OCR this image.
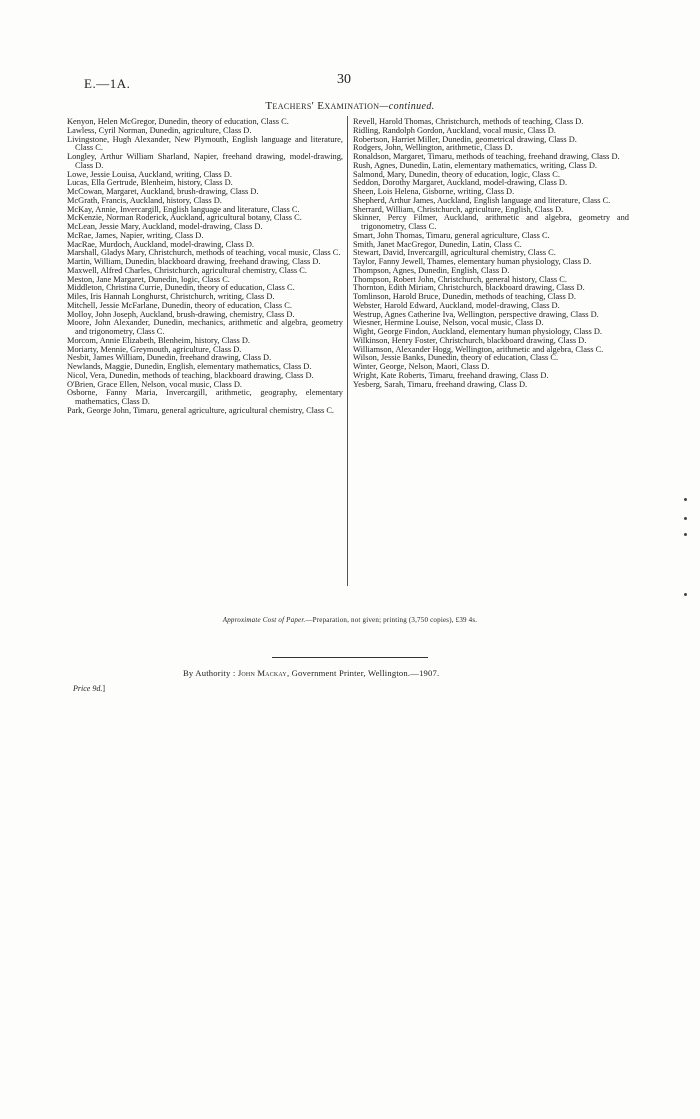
E.—1A.	30
Teachers' Examination—continued.

Kenyon, Helen McGregor, Dunedin, theory of education, Class C.

Lawless, Cyril Norman, Dunedin, agriculture, Class D.

Livingstone, Hugh Alexander, New Plymouth, English language and literature, Class C.

Longley, Arthur William Sharland, Napier, freehand drawing, model-drawing, Class D.

Lowe, Jessie Louisa, Auckland, writing, Class D.

Lucas, Ella Gertrude, Blenheim, history, Class D.

McCowan, Margaret, Auckland, brush-drawing, Class D.

McGrath, Francis, Auckland, history, Class D.

McKay, Annie, Invercargill, English language and literature, Class C.

McKenzie, Norman Roderick, Auckland, agricultural botany, Class C.

McLean, Jessie Mary, Auckland, model-drawing, Class D.

McRae, James, Napier, writing, Class D.

MacRae, Murdoch, Auckland, model-drawing, Class D.

Marshall, Gladys Mary, Christchurch, methods of teaching, vocal music, Class C.

Martin, William, Dunedin, blackboard drawing, freehand drawing, Class D.

Maxwell, Alfred Charles, Christchurch, agricultural chemistry, Class C.

Meston, Jane Margaret, Dunedin, logic, Class C.

Middleton, Christina Currie, Dunedin, theory of education, Class C.

Miles, Iris Hannah Longhurst, Christchurch, writing, Class D.

Mitchell, Jessie McFarlane, Dunedin, theory of education, Class C.

Molloy, John Joseph, Auckland, brush-drawing, chemistry, Class D.

Moore, John Alexander, Dunedin, mechanics, arithmetic and algebra, geometry and trigonometry, Class C.

Morcom, Annie Elizabeth, Blenheim, history, Class D.

Moriarty, Mennie, Greymouth, agriculture, Class D.

Nesbit, James William, Dunedin, freehand drawing, Class D.

Newlands, Maggie, Dunedin, English, elementary mathematics, Class D.

Nicol, Vera, Dunedin, methods of teaching, blackboard drawing, Class D.

O'Brien, Grace Ellen, Nelson, vocal music, Class D.

Osborne, Fanny Maria, Invercargill, arithmetic, geography, elementary mathematics, Class D.

Park, George John, Timaru, general agriculture, agricultural chemistry, Class C.

Revell, Harold Thomas, Christchurch, methods of teaching, Class D.

Ridling, Randolph Gordon, Auckland, vocal music, Class D.

Robertson, Harriet Miller, Dunedin, geometrical drawing, Class D.

Rodgers, John, Wellington, arithmetic, Class D.

Ronaldson, Margaret, Timaru, methods of teaching, freehand drawing, Class D.

Rush, Agnes, Dunedin, Latin, elementary mathematics, writing, Class D.

Salmond, Mary, Dunedin, theory of education, logic, Class C.

Seddon, Dorothy Margaret, Auckland, model-drawing, Class D.

Sheen, Lois Helena, Gisborne, writing, Class D.

Shepherd, Arthur James, Auckland, English language and literature, Class C.

Sherrard, William, Christchurch, agriculture, English, Class D.

Skinner, Percy Filmer, Auckland, arithmetic and algebra, geometry and trigonometry, Class C.

Smart, John Thomas, Timaru, general agriculture, Class C.

Smith, Janet MacGregor, Dunedin, Latin, Class C.

Stewart, David, Invercargill, agricultural chemistry, Class C.

Taylor, Fanny Jewell, Thames, elementary human physiology, Class D.

Thompson, Agnes, Dunedin, English, Class D.

Thompson, Robert John, Christchurch, general history, Class C.

Thornton, Edith Miriam, Christchurch, blackboard drawing, Class D.

Tomlinson, Harold Bruce, Dunedin, methods of teaching, Class D.

Webster, Harold Edward, Auckland, model-drawing, Class D.

Westrup, Agnes Catherine Iva, Wellington, perspective drawing, Class D.

Wiesner, Hermine Louise, Nelson, vocal music, Class D.

Wight, George Findon, Auckland, elementary human physiology, Class D.

Wilkinson, Henry Foster, Christchurch, blackboard drawing, Class D.

Williamson, Alexander Hogg, Wellington, arithmetic and algebra, Class C.

Wilson, Jessie Banks, Dunedin, theory of education, Class C.

Winter, George, Nelson, Maori, Class D.

Wright, Kate Roberts, Timaru, freehand drawing, Class D.

Yesberg, Sarah, Timaru, freehand drawing, Class D.

Approximate Cost of Paper.—Preparation, not given; printing (3,750 copies), £39 4s.
By Authority : John Mackay, Government Printer, Wellington.—1907.
Price 9d.]
